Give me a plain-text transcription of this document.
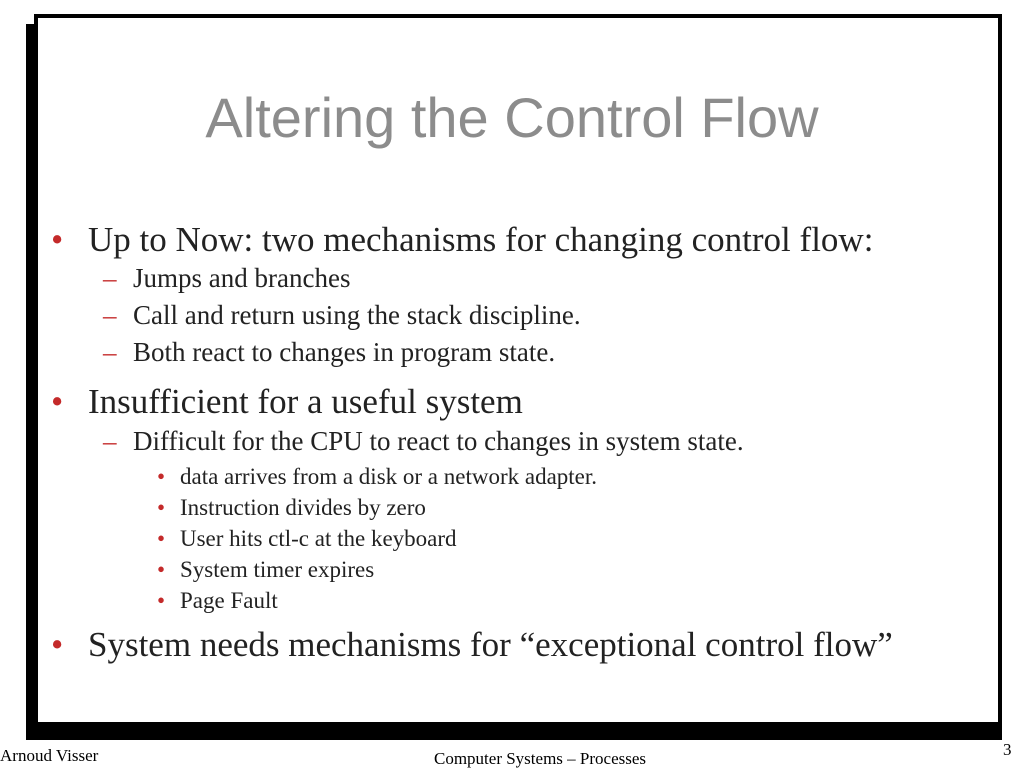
Altering the Control Flow
• Up to Now: two mechanisms for changing control flow:
– Jumps and branches
– Call and return using the stack discipline.
– Both react to changes in program state.
• Insufficient for a useful system
– Difficult for the CPU to react to changes in system state.
• data arrives from a disk or a network adapter.
• Instruction divides by zero
• User hits ctl-c at the keyboard
• System timer expires
• Page Fault
• System needs mechanisms for “exceptional control flow”
Arnoud Visser	Computer Systems – Processes	3
